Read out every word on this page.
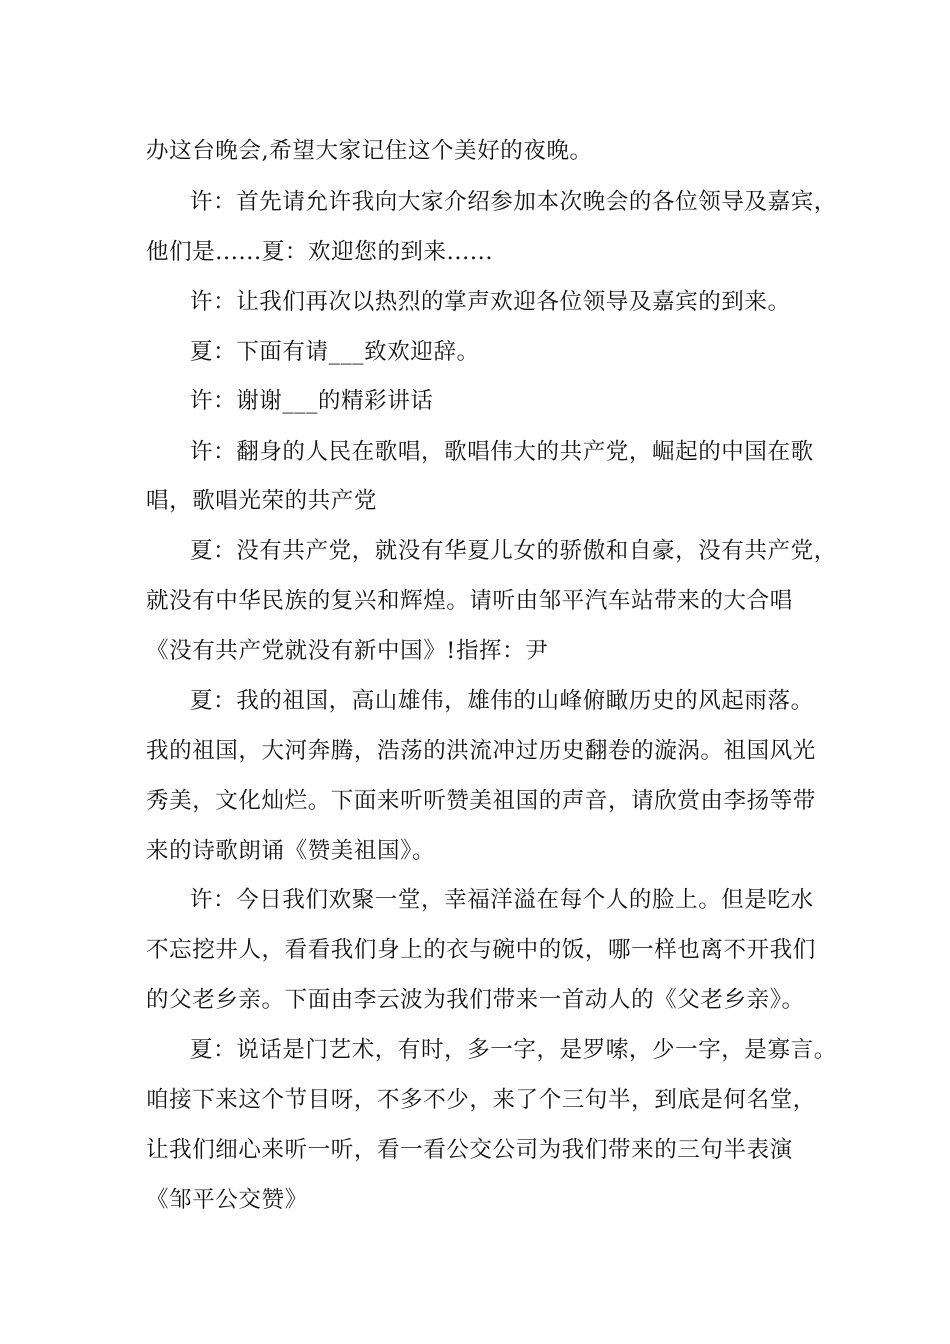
办这台晚会,希望大家记住这个美好的夜晚。
许：首先请允许我向大家介绍参加本次晚会的各位领导及嘉宾，
他们是......夏：欢迎您的到来......
许：让我们再次以热烈的掌声欢迎各位领导及嘉宾的到来。
夏：下面有请___致欢迎辞。
许：谢谢___的精彩讲话
许：翻身的人民在歌唱，歌唱伟大的共产党，崛起的中国在歌
唱，歌唱光荣的共产党
夏：没有共产党，就没有华夏儿女的骄傲和自豪，没有共产党，
就没有中华民族的复兴和辉煌。请听由邹平汽车站带来的大合唱
《没有共产党就没有新中国》!指挥：尹
夏：我的祖国，高山雄伟，雄伟的山峰俯瞰历史的风起雨落。
我的祖国，大河奔腾，浩荡的洪流冲过历史翻卷的漩涡。祖国风光
秀美，文化灿烂。下面来听听赞美祖国的声音，请欣赏由李扬等带
来的诗歌朗诵《赞美祖国》。
许：今日我们欢聚一堂，幸福洋溢在每个人的脸上。但是吃水
不忘挖井人，看看我们身上的衣与碗中的饭，哪一样也离不开我们
的父老乡亲。下面由李云波为我们带来一首动人的《父老乡亲》。
夏：说话是门艺术，有时，多一字，是罗嗦，少一字，是寡言。
咱接下来这个节目呀，不多不少，来了个三句半，到底是何名堂，
让我们细心来听一听，看一看公交公司为我们带来的三句半表演
《邹平公交赞》
